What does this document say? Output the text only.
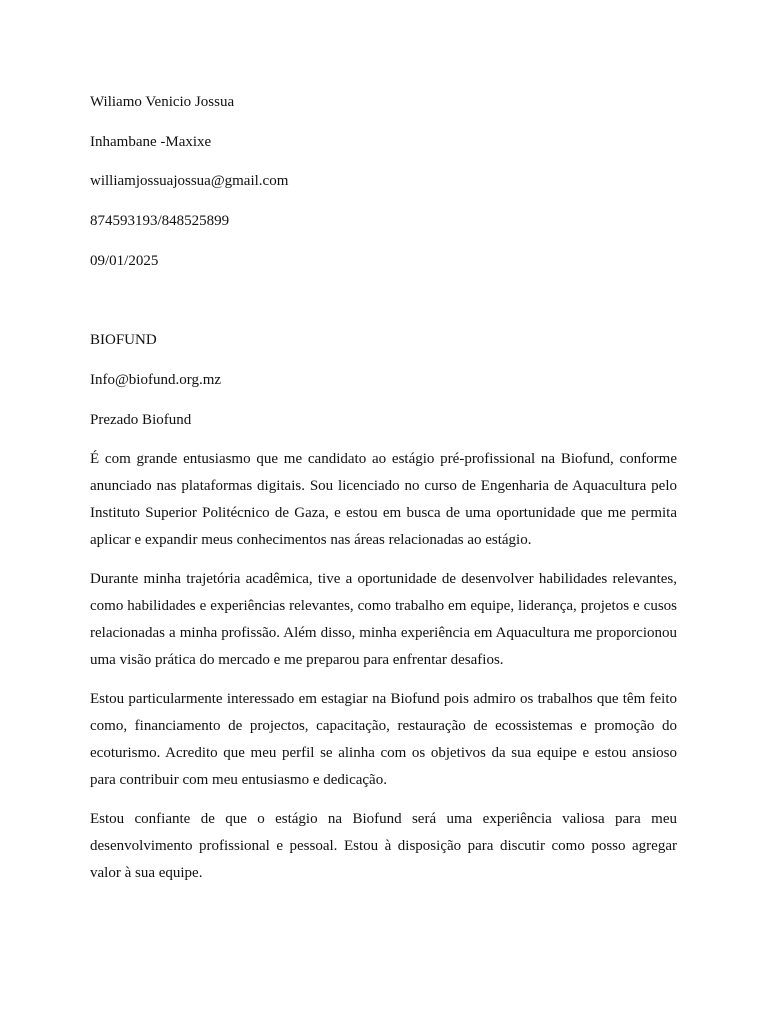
Wiliamo Venicio Jossua

Inhambane -Maxixe

williamjossuajossua@gmail.com

874593193/848525899

09/01/2025

BIOFUND

Info@biofund.org.mz

Prezado Biofund

É com grande entusiasmo que me candidato ao estágio pré-profissional na Biofund, conforme anunciado nas plataformas digitais. Sou licenciado no curso de Engenharia de Aquacultura pelo Instituto Superior Politécnico de Gaza, e estou em busca de uma oportunidade que me permita aplicar e expandir meus conhecimentos nas áreas relacionadas ao estágio.

Durante minha trajetória acadêmica, tive a oportunidade de desenvolver habilidades relevantes, como habilidades e experiências relevantes, como trabalho em equipe, liderança, projetos e cusos relacionadas a minha profissão. Além disso, minha experiência em Aquacultura me proporcionou uma visão prática do mercado e me preparou para enfrentar desafios.

Estou particularmente interessado em estagiar na Biofund pois admiro os trabalhos que têm feito como, financiamento de projectos, capacitação, restauração de ecossistemas e promoção do ecoturismo. Acredito que meu perfil se alinha com os objetivos da sua equipe e estou ansioso para contribuir com meu entusiasmo e dedicação.

Estou confiante de que o estágio na Biofund será uma experiência valiosa para meu desenvolvimento profissional e pessoal. Estou à disposição para discutir como posso agregar valor à sua equipe.
